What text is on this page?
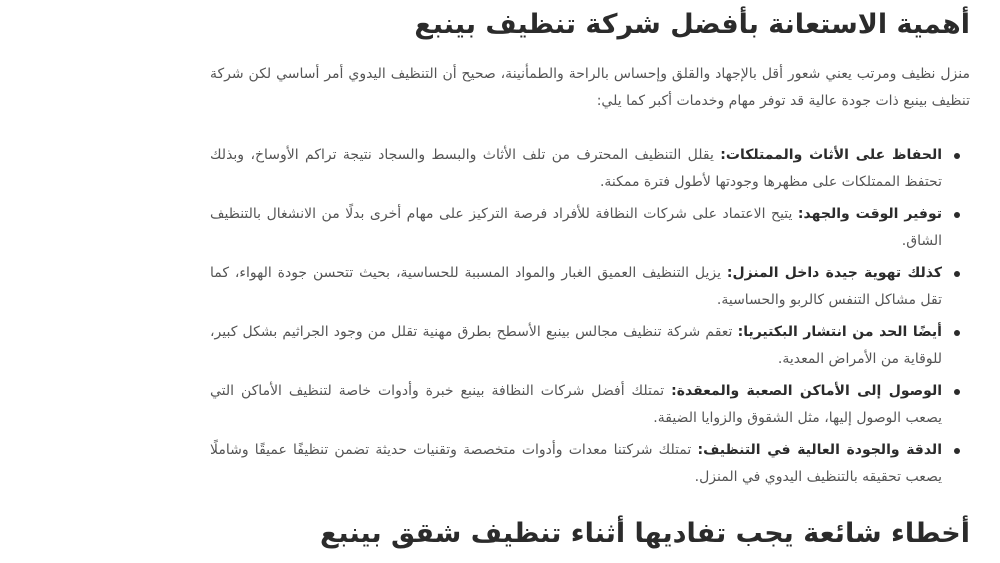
أهمية الاستعانة بأفضل شركة تنظيف بينبع

منزل نظيف ومرتب يعني شعور أقل بالإجهاد والقلق وإحساس بالراحة والطمأنينة، صحيح أن التنظيف اليدوي أمر أساسي لكن شركة تنظيف بينبع ذات جودة عالية قد توفر مهام وخدمات أكبر كما يلي:

الحفاظ على الأثاث والممتلكات: يقلل التنظيف المحترف من تلف الأثاث والبسط والسجاد نتيجة تراكم الأوساخ، وبذلك تحتفظ الممتلكات على مظهرها وجودتها لأطول فترة ممكنة.
توفير الوقت والجهد: يتيح الاعتماد على شركات النظافة للأفراد فرصة التركيز على مهام أخرى بدلًا من الانشغال بالتنظيف الشاق.
كذلك تهوية جيدة داخل المنزل: يزيل التنظيف العميق الغبار والمواد المسببة للحساسية، بحيث تتحسن جودة الهواء، كما تقل مشاكل التنفس كالربو والحساسية.
أيضًا الحد من انتشار البكتيريا: تعقم شركة تنظيف مجالس بينبع الأسطح بطرق مهنية تقلل من وجود الجراثيم بشكل كبير، للوقاية من الأمراض المعدية.
الوصول إلى الأماكن الصعبة والمعقدة: تمتلك أفضل شركات النظافة بينبع خبرة وأدوات خاصة لتنظيف الأماكن التي يصعب الوصول إليها، مثل الشقوق والزوايا الضيقة.
الدقة والجودة العالية في التنظيف: تمتلك شركتنا معدات وأدوات متخصصة وتقنيات حديثة تضمن تنظيفًا عميقًا وشاملًا يصعب تحقيقه بالتنظيف اليدوي في المنزل.
أخطاء شائعة يجب تفاديها أثناء تنظيف شقق بينبع
